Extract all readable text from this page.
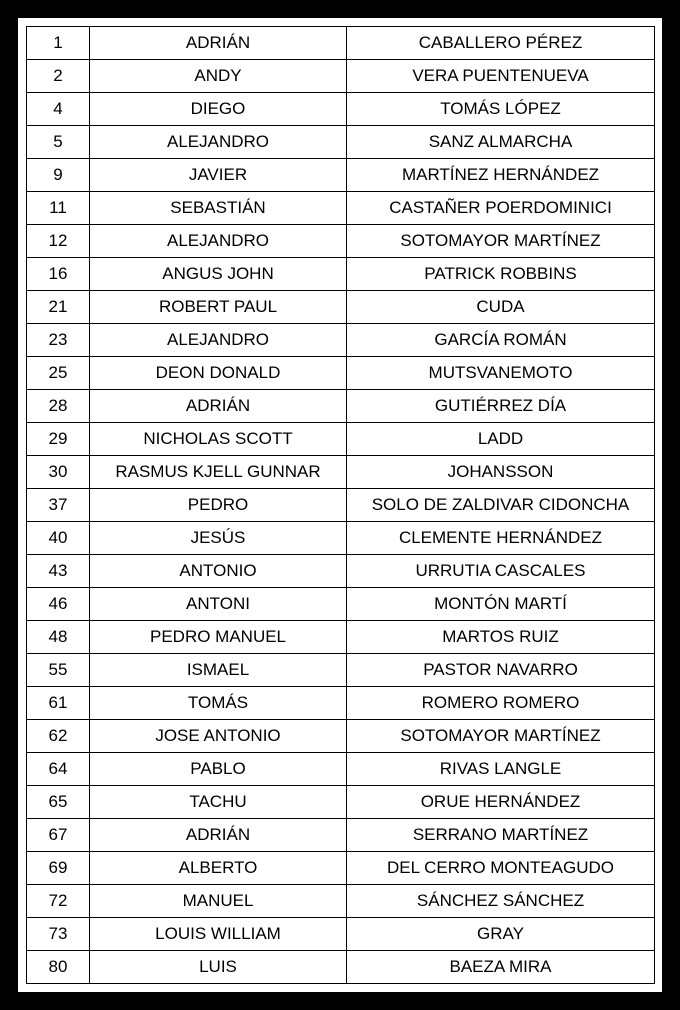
1	ADRIÁN	CABALLERO PÉREZ
2	ANDY	VERA PUENTENUEVA
4	DIEGO	TOMÁS LÓPEZ
5	ALEJANDRO	SANZ ALMARCHA
9	JAVIER	MARTÍNEZ HERNÁNDEZ
11	SEBASTIÁN	CASTAÑER POERDOMINICI
12	ALEJANDRO	SOTOMAYOR MARTÍNEZ
16	ANGUS JOHN	PATRICK ROBBINS
21	ROBERT PAUL	CUDA
23	ALEJANDRO	GARCÍA ROMÁN
25	DEON DONALD	MUTSVANEMOTO
28	ADRIÁN	GUTIÉRREZ DÍA
29	NICHOLAS SCOTT	LADD
30	RASMUS KJELL GUNNAR	JOHANSSON
37	PEDRO	SOLO DE ZALDIVAR CIDONCHA
40	JESÚS	CLEMENTE HERNÁNDEZ
43	ANTONIO	URRUTIA CASCALES
46	ANTONI	MONTÓN MARTÍ
48	PEDRO MANUEL	MARTOS RUIZ
55	ISMAEL	PASTOR NAVARRO
61	TOMÁS	ROMERO ROMERO
62	JOSE ANTONIO	SOTOMAYOR MARTÍNEZ
64	PABLO	RIVAS LANGLE
65	TACHU	ORUE HERNÁNDEZ
67	ADRIÁN	SERRANO MARTÍNEZ
69	ALBERTO	DEL CERRO MONTEAGUDO
72	MANUEL	SÁNCHEZ SÁNCHEZ
73	LOUIS WILLIAM	GRAY
80	LUIS	BAEZA MIRA
